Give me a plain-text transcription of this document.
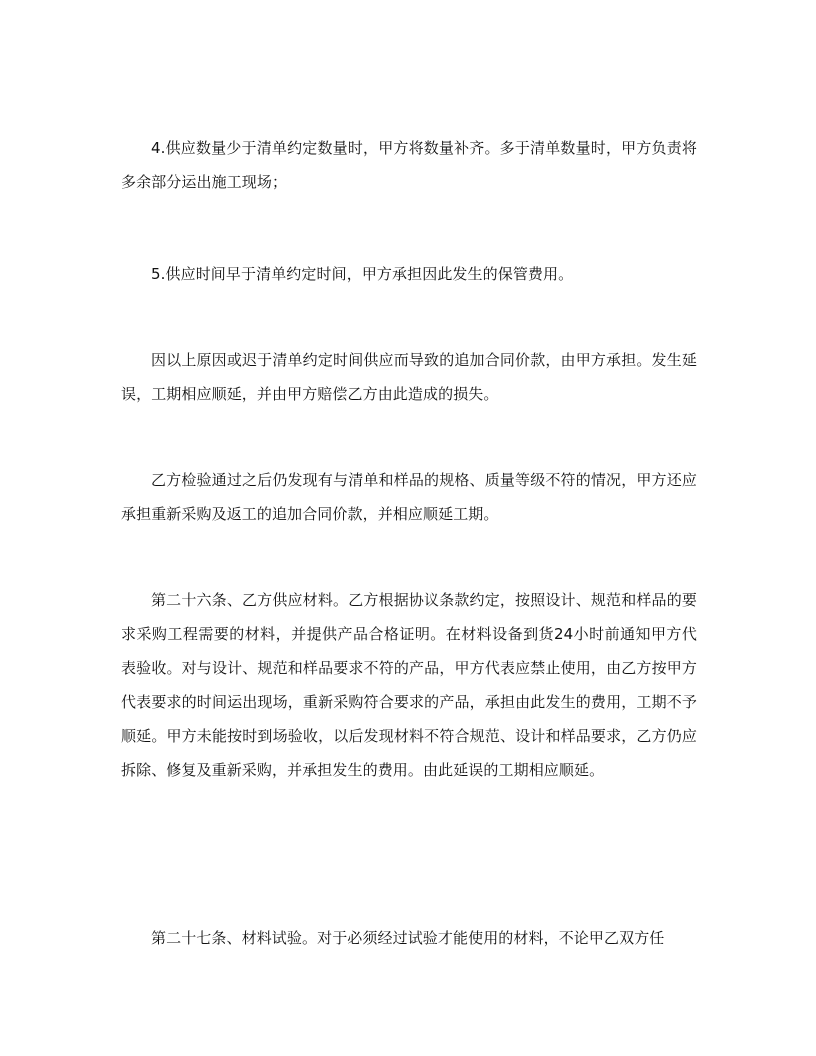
4.供应数量少于清单约定数量时，甲方将数量补齐。多于清单数量时，甲方负责将多余部分运出施工现场；

5.供应时间早于清单约定时间，甲方承担因此发生的保管费用。

因以上原因或迟于清单约定时间供应而导致的追加合同价款，由甲方承担。发生延误，工期相应顺延，并由甲方赔偿乙方由此造成的损失。

乙方检验通过之后仍发现有与清单和样品的规格、质量等级不符的情况，甲方还应承担重新采购及返工的追加合同价款，并相应顺延工期。

第二十六条、乙方供应材料。乙方根据协议条款约定，按照设计、规范和样品的要求采购工程需要的材料，并提供产品合格证明。在材料设备到货24小时前通知甲方代表验收。对与设计、规范和样品要求不符的产品，甲方代表应禁止使用，由乙方按甲方代表要求的时间运出现场，重新采购符合要求的产品，承担由此发生的费用，工期不予顺延。甲方未能按时到场验收，以后发现材料不符合规范、设计和样品要求，乙方仍应拆除、修复及重新采购，并承担发生的费用。由此延误的工期相应顺延。

第二十七条、材料试验。对于必须经过试验才能使用的材料，不论甲乙双方任
